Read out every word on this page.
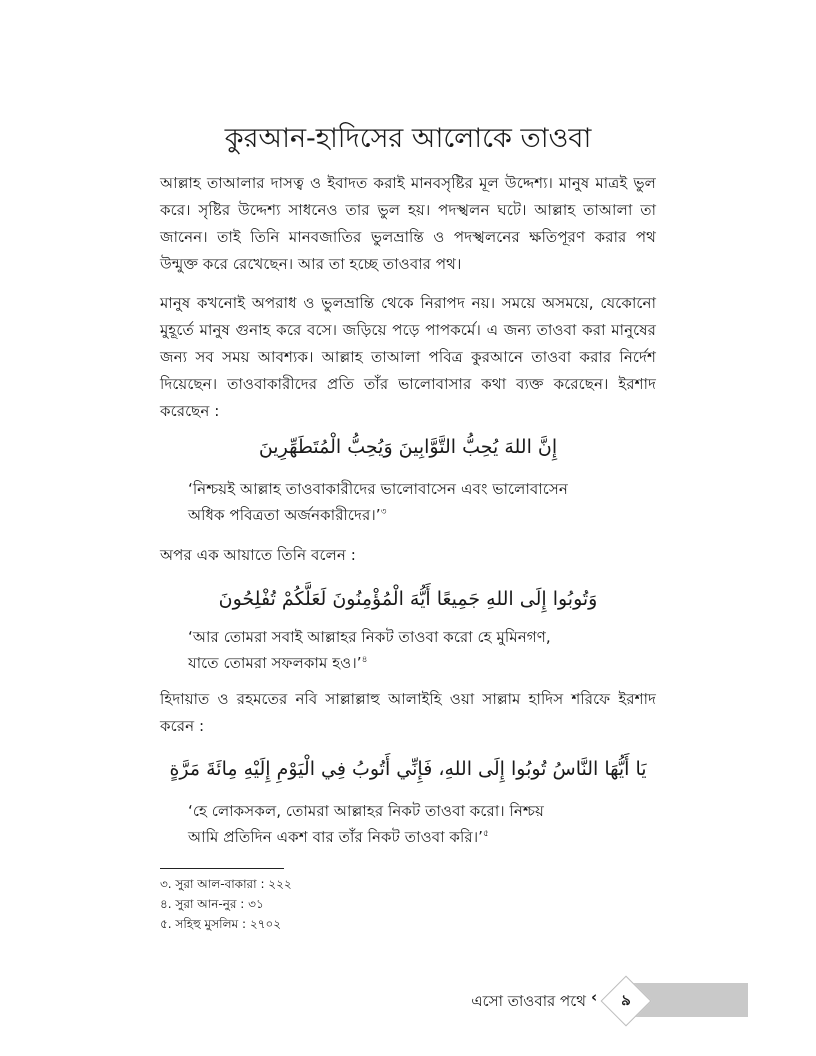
কুরআন-হাদিসের আলোকে তাওবা

আল্লাহ তাআলার দাসত্ব ও ইবাদত করাই মানবসৃষ্টির মূল উদ্দেশ্য। মানুষ মাত্রই ভুল করে। সৃষ্টির উদ্দেশ্য সাধনেও তার ভুল হয়। পদস্খলন ঘটে। আল্লাহ তাআলা তা জানেন। তাই তিনি মানবজাতির ভুলভ্রান্তি ও পদস্খলনের ক্ষতিপূরণ করার পথ উন্মুক্ত করে রেখেছেন। আর তা হচ্ছে তাওবার পথ।

মানুষ কখনোই অপরাধ ও ভুলভ্রান্তি থেকে নিরাপদ নয়। সময়ে অসময়ে, যেকোনো মুহূর্তে মানুষ গুনাহ করে বসে। জড়িয়ে পড়ে পাপকর্মে। এ জন্য তাওবা করা মানুষের জন্য সব সময় আবশ্যক। আল্লাহ তাআলা পবিত্র কুরআনে তাওবা করার নির্দেশ দিয়েছেন। তাওবাকারীদের প্রতি তাঁর ভালোবাসার কথা ব্যক্ত করেছেন। ইরশাদ করেছেন :

إِنَّ اللهَ يُحِبُّ التَّوَّابِينَ وَيُحِبُّ الْمُتَطَهِّرِينَ

‘নিশ্চয়ই আল্লাহ তাওবাকারীদের ভালোবাসেন এবং ভালোবাসেন
অধিক পবিত্রতা অর্জনকারীদের।’$^৩$

অপর এক আয়াতে তিনি বলেন :

وَتُوبُوا إِلَى اللهِ جَمِيعًا أَيُّهَ الْمُؤْمِنُونَ لَعَلَّكُمْ تُفْلِحُونَ

‘আর তোমরা সবাই আল্লাহর নিকট তাওবা করো হে মুমিনগণ,
যাতে তোমরা সফলকাম হও।’$^৪$

হিদায়াত ও রহমতের নবি সাল্লাল্লাহু আলাইহি ওয়া সাল্লাম হাদিস শরিফে ইরশাদ করেন :

يَا أَيُّهَا النَّاسُ تُوبُوا إِلَى اللهِ، فَإِنِّي أَتُوبُ فِي الْيَوْمِ إِلَيْهِ مِائَةَ مَرَّةٍ

‘হে লোকসকল, তোমরা আল্লাহর নিকট তাওবা করো। নিশ্চয়
আমি প্রতিদিন একশ বার তাঁর নিকট তাওবা করি।’$^৫$

৩. সুরা আল-বাকারা : ২২২
৪. সুরা আন-নুর : ৩১
৫. সহিহু মুসলিম : ২৭০২
৯
‹
এসো তাওবার পথে
